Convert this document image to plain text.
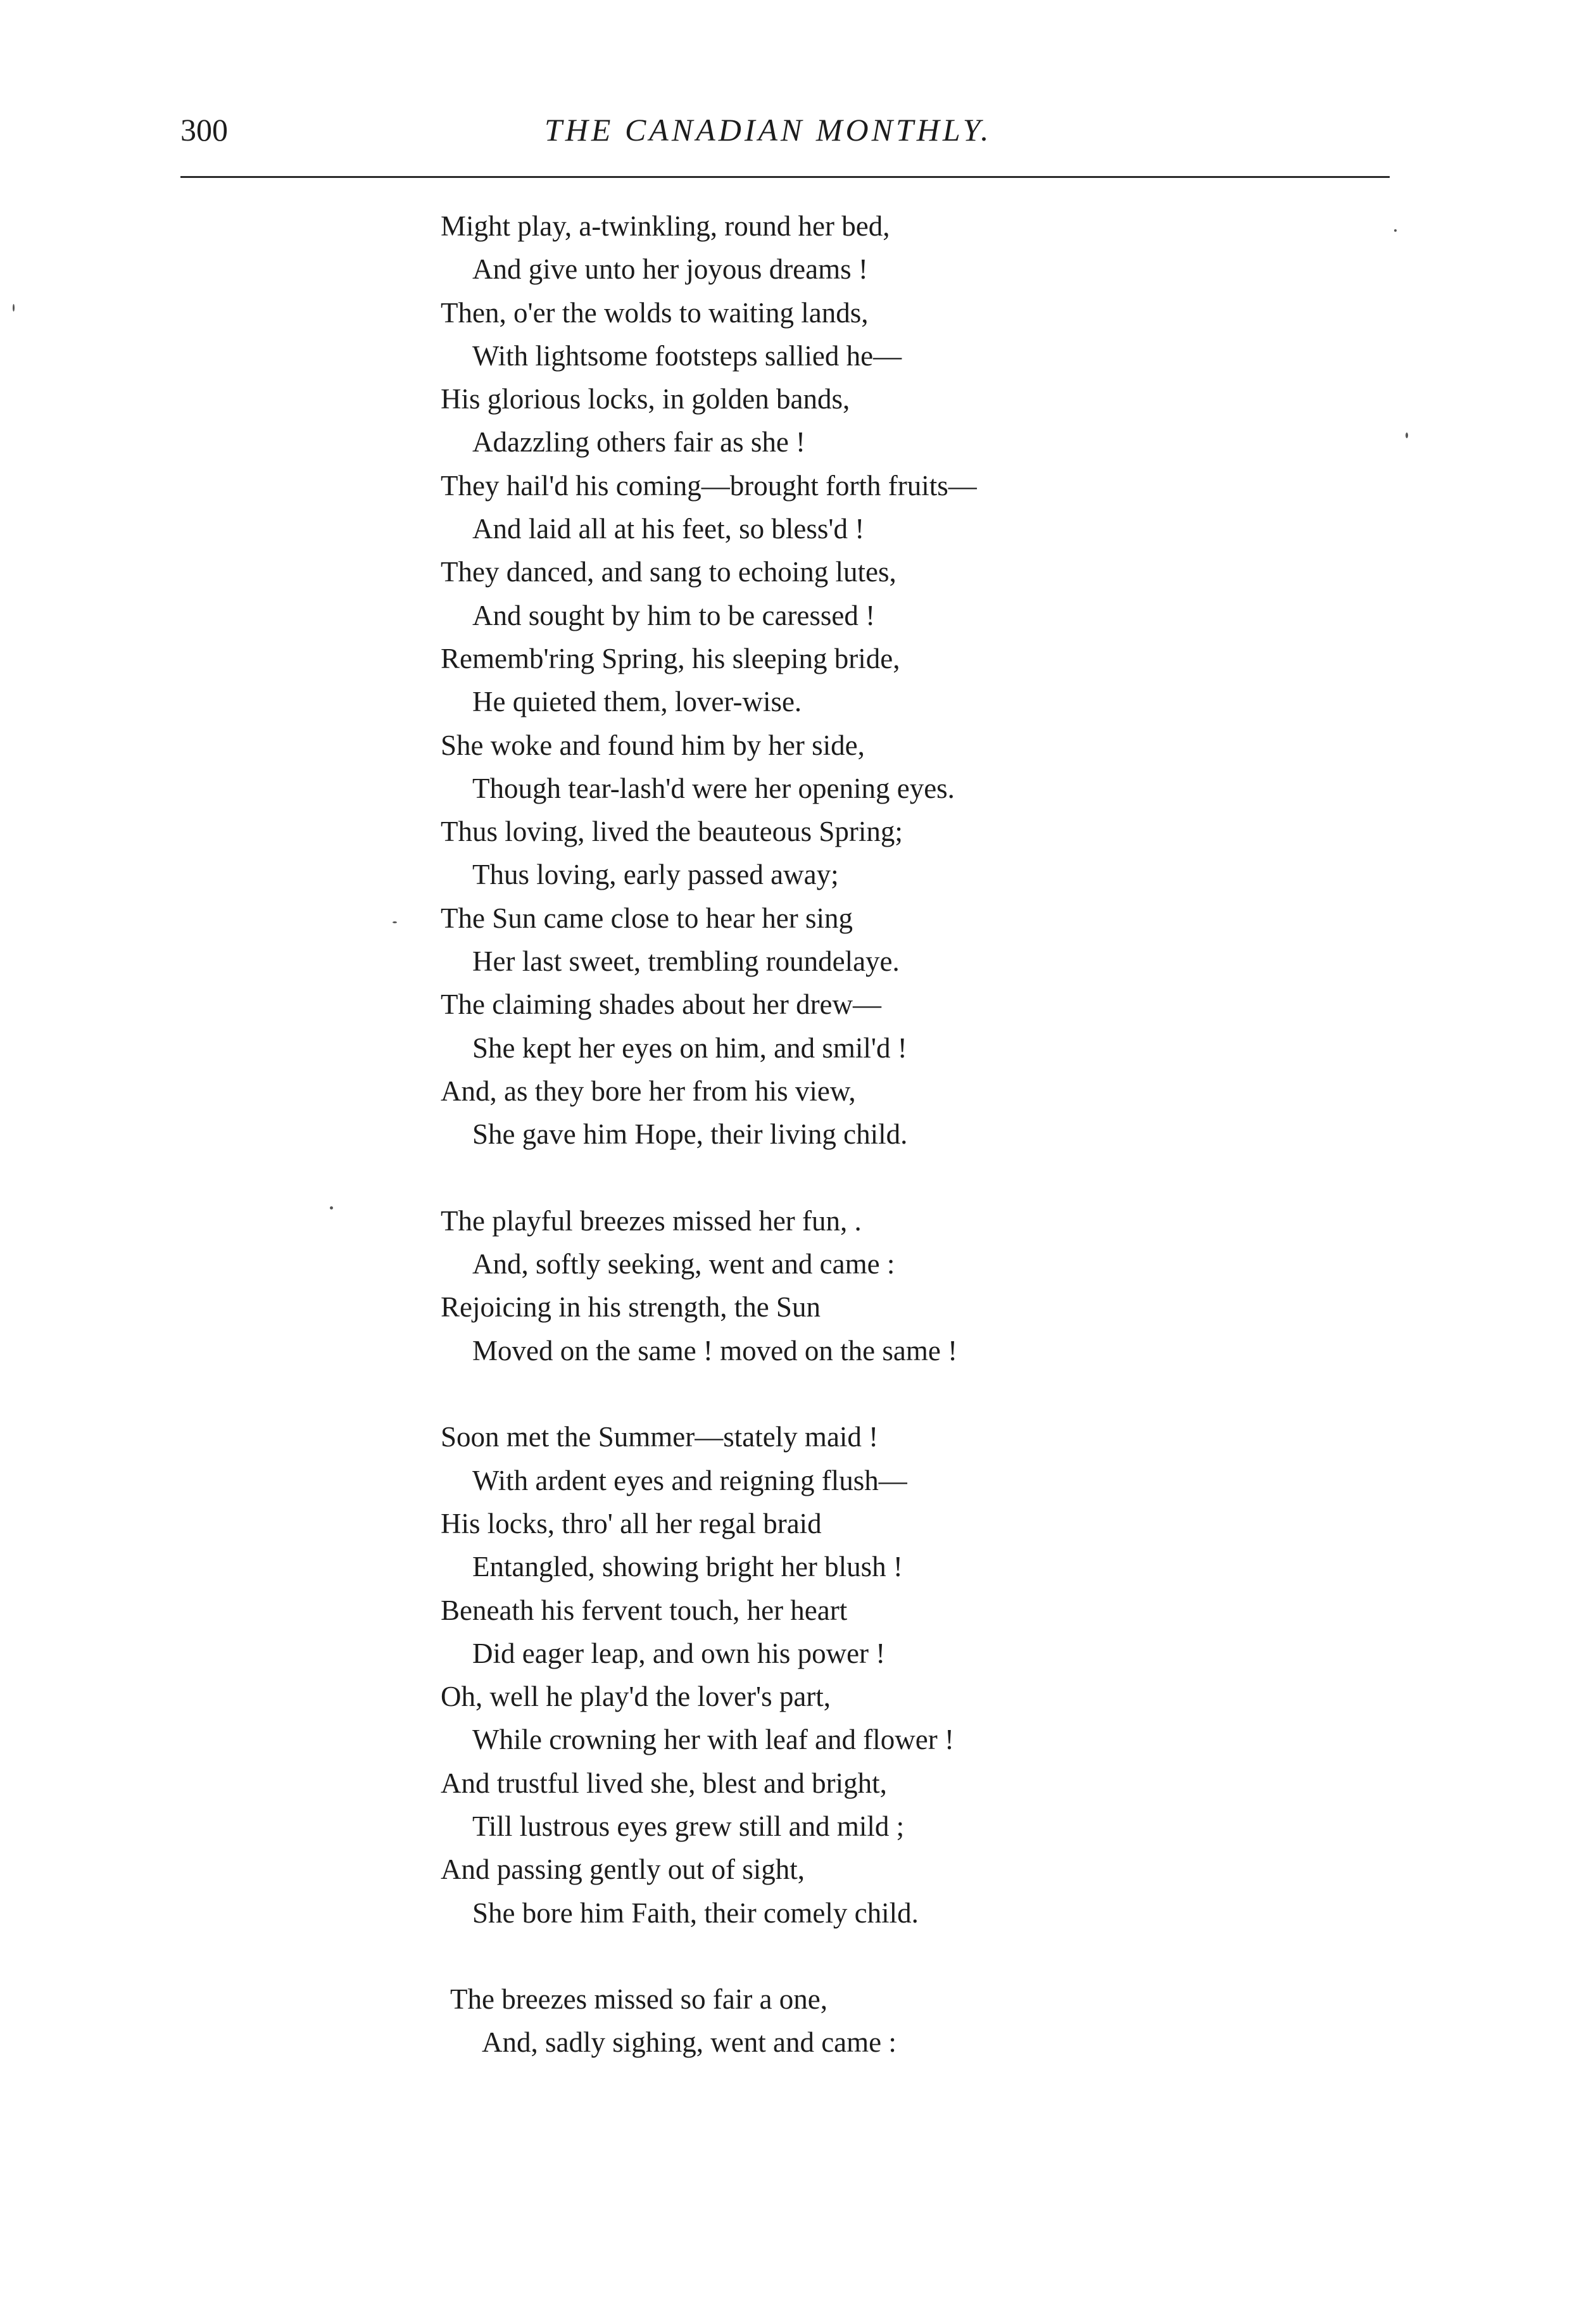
300	THE CANADIAN MONTHLY.
Might play, a-twinkling, round her bed,
And give unto her joyous dreams !
Then, o'er the wolds to waiting lands,
With lightsome footsteps sallied he—
His glorious locks, in golden bands,
Adazzling others fair as she !
They hail'd his coming—brought forth fruits—
And laid all at his feet, so bless'd !
They danced, and sang to echoing lutes,
And sought by him to be caressed !
Rememb'ring Spring, his sleeping bride,
He quieted them, lover-wise.
She woke and found him by her side,
Though tear-lash'd were her opening eyes.
Thus loving, lived the beauteous Spring;
Thus loving, early passed away;
The Sun came close to hear her sing
Her last sweet, trembling roundelaye.
The claiming shades about her drew—
She kept her eyes on him, and smil'd !
And, as they bore her from his view,
She gave him Hope, their living child.
The playful breezes missed her fun, .
And, softly seeking, went and came :
Rejoicing in his strength, the Sun
Moved on the same ! moved on the same !
Soon met the Summer—stately maid !
With ardent eyes and reigning flush—
His locks, thro' all her regal braid
Entangled, showing bright her blush !
Beneath his fervent touch, her heart
Did eager leap, and own his power !
Oh, well he play'd the lover's part,
While crowning her with leaf and flower !
And trustful lived she, blest and bright,
Till lustrous eyes grew still and mild ;
And passing gently out of sight,
She bore him Faith, their comely child.
The breezes missed so fair a one,
And, sadly sighing, went and came :
